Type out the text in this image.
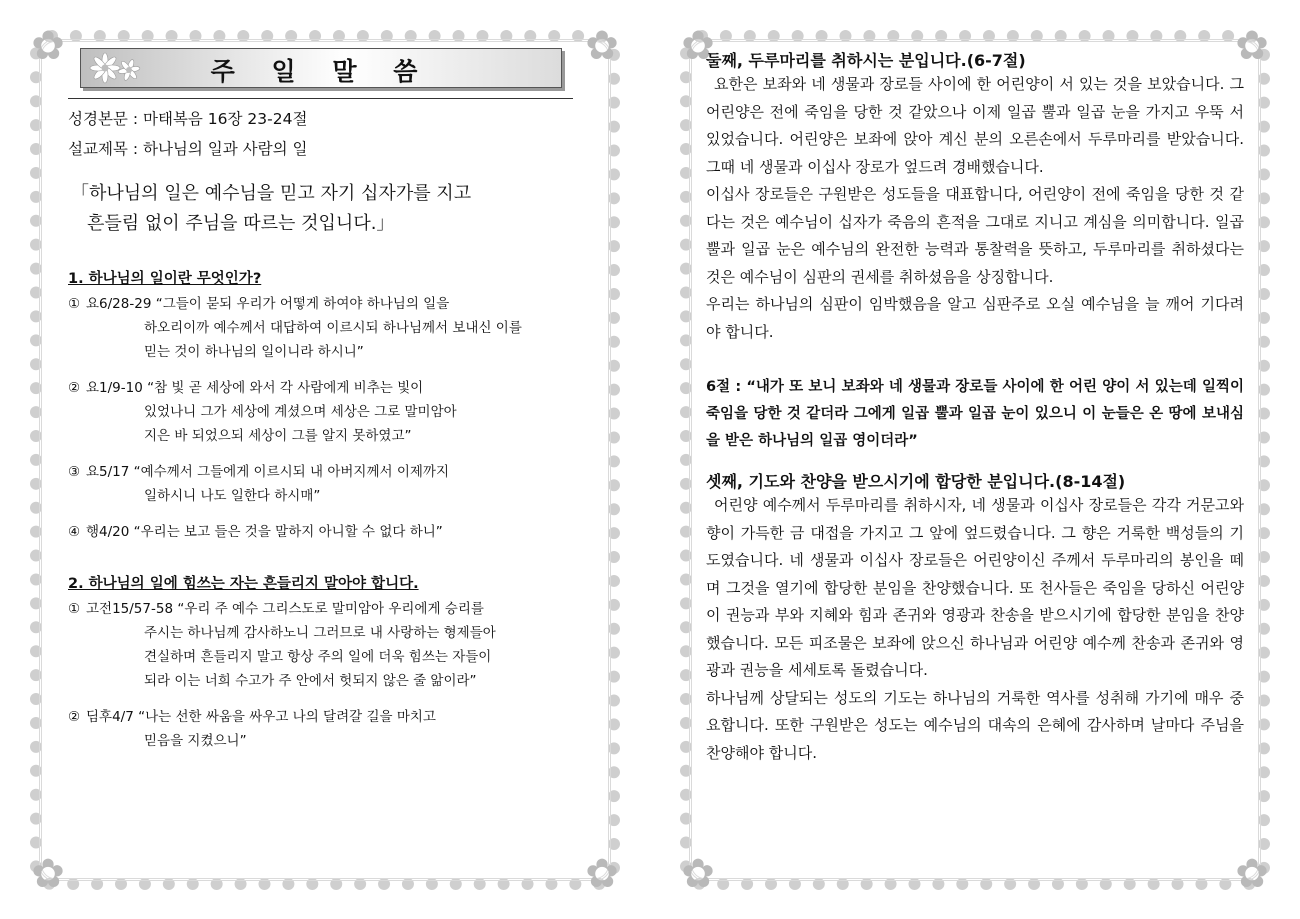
✿	✿
✿	✿
주 일 말 씀
성경본문 : 마태복음 16장 23-24절
설교제목 : 하나님의 일과 사람의 일
「하나님의 일은 예수님을 믿고 자기 십자가를 지고
흔들림 없이 주님을 따르는 것입니다.」
1. 하나님의 일이란 무엇인가?
① 요6/28-29 “그들이 묻되 우리가 어떻게 하여야 하나님의 일을
하오리이까 예수께서 대답하여 이르시되 하나님께서 보내신 이를
믿는 것이 하나님의 일이니라 하시니”
② 요1/9-10 “참 빛 곧 세상에 와서 각 사람에게 비추는 빛이
있었나니 그가 세상에 계셨으며 세상은 그로 말미암아
지은 바 되었으되 세상이 그를 알지 못하였고”
③ 요5/17 “예수께서 그들에게 이르시되 내 아버지께서 이제까지
일하시니 나도 일한다 하시매”
④ 행4/20 “우리는 보고 들은 것을 말하지 아니할 수 없다 하니”
2. 하나님의 일에 힘쓰는 자는 흔들리지 말아야 합니다.
① 고전15/57-58 “우리 주 예수 그리스도로 말미암아 우리에게 승리를
주시는 하나님께 감사하노니 그러므로 내 사랑하는 형제들아
견실하며 흔들리지 말고 항상 주의 일에 더욱 힘쓰는 자들이
되라 이는 너희 수고가 주 안에서 헛되지 않은 줄 앎이라”
② 딤후4/7 “나는 선한 싸움을 싸우고 나의 달려갈 길을 마치고
믿음을 지켰으니”
✿	✿
✿	✿
둘째, 두루마리를 취하시는 분입니다.(6-7절)

요한은 보좌와 네 생물과 장로들 사이에 한 어린양이 서 있는 것을 보았습니다. 그 어린양은 전에 죽임을 당한 것 같았으나 이제 일곱 뿔과 일곱 눈을 가지고 우뚝 서 있었습니다. 어린양은 보좌에 앉아 계신 분의 오른손에서 두루마리를 받았습니다. 그때 네 생물과 이십사 장로가 엎드려 경배했습니다.

이십사 장로들은 구원받은 성도들을 대표합니다, 어린양이 전에 죽임을 당한 것 같다는 것은 예수님이 십자가 죽음의 흔적을 그대로 지니고 계심을 의미합니다. 일곱 뿔과 일곱 눈은 예수님의 완전한 능력과 통찰력을 뜻하고, 두루마리를 취하셨다는 것은 예수님이 심판의 권세를 취하셨음을 상징합니다.

우리는 하나님의 심판이 임박했음을 알고 심판주로 오실 예수님을 늘 깨어 기다려야 합니다.

6절 : “내가 또 보니 보좌와 네 생물과 장로들 사이에 한 어린 양이 서 있는데 일찍이 죽임을 당한 것 같더라 그에게 일곱 뿔과 일곱 눈이 있으니 이 눈들은 온 땅에 보내심을 받은 하나님의 일곱 영이더라”
셋째, 기도와 찬양을 받으시기에 합당한 분입니다.(8-14절)

어린양 예수께서 두루마리를 취하시자, 네 생물과 이십사 장로들은 각각 거문고와 향이 가득한 금 대접을 가지고 그 앞에 엎드렸습니다. 그 향은 거룩한 백성들의 기도였습니다. 네 생물과 이십사 장로들은 어린양이신 주께서 두루마리의 봉인을 떼며 그것을 열기에 합당한 분임을 찬양했습니다. 또 천사들은 죽임을 당하신 어린양이 권능과 부와 지혜와 힘과 존귀와 영광과 찬송을 받으시기에 합당한 분임을 찬양했습니다. 모든 피조물은 보좌에 앉으신 하나님과 어린양 예수께 찬송과 존귀와 영광과 권능을 세세토록 돌렸습니다.

하나님께 상달되는 성도의 기도는 하나님의 거룩한 역사를 성취해 가기에 매우 중요합니다. 또한 구원받은 성도는 예수님의 대속의 은혜에 감사하며 날마다 주님을 찬양해야 합니다.
